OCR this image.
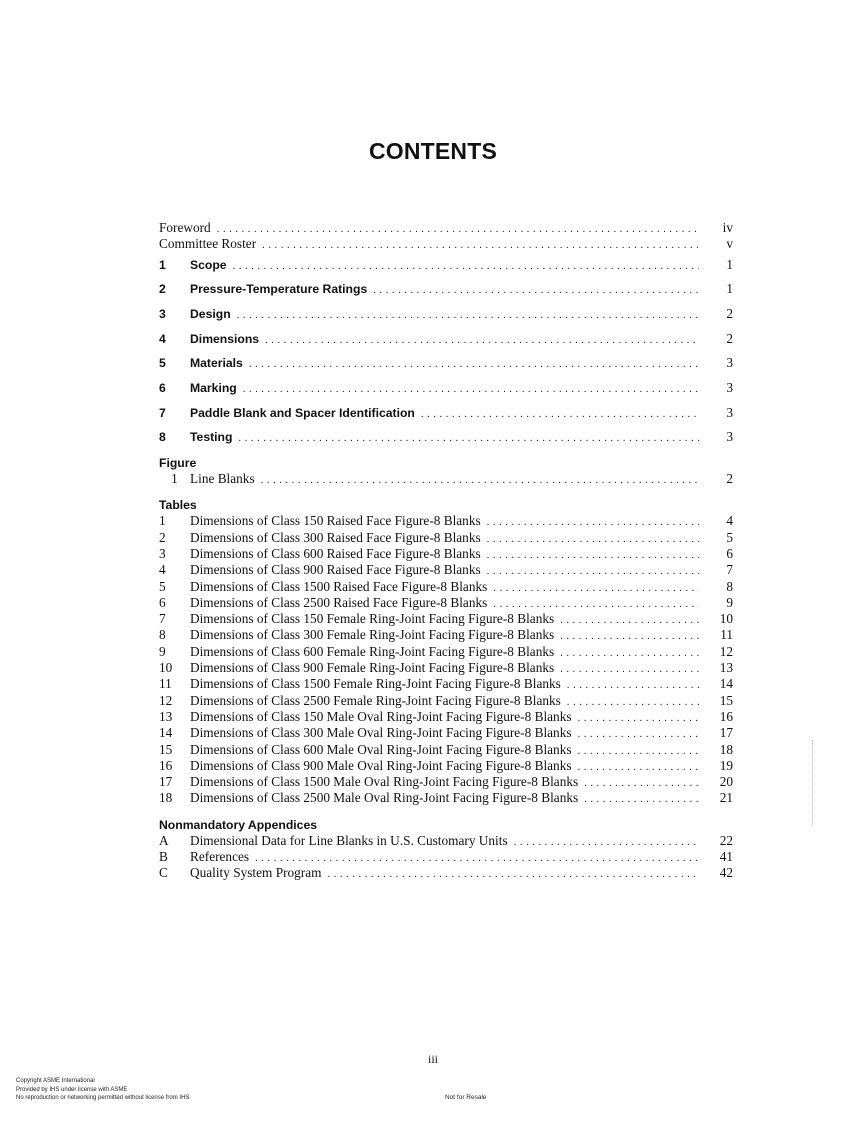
CONTENTS
Foreword . . .	iv
Committee Roster . . .	v
1 Scope . . .	1
2 Pressure-Temperature Ratings . . .	1
3 Design . . .	2
4 Dimensions . . .	2
5 Materials . . .	3
6 Marking . . .	3
7 Paddle Blank and Spacer Identification . . .	3
8 Testing . . .	3
Figure
1 Line Blanks . . .	2
Tables
1 Dimensions of Class 150 Raised Face Figure-8 Blanks . . .	4
2 Dimensions of Class 300 Raised Face Figure-8 Blanks . . .	5
3 Dimensions of Class 600 Raised Face Figure-8 Blanks . . .	6
4 Dimensions of Class 900 Raised Face Figure-8 Blanks . . .	7
5 Dimensions of Class 1500 Raised Face Figure-8 Blanks . . .	8
6 Dimensions of Class 2500 Raised Face Figure-8 Blanks . . .	9
7 Dimensions of Class 150 Female Ring-Joint Facing Figure-8 Blanks . . .	10
8 Dimensions of Class 300 Female Ring-Joint Facing Figure-8 Blanks . . .	11
9 Dimensions of Class 600 Female Ring-Joint Facing Figure-8 Blanks . . .	12
10 Dimensions of Class 900 Female Ring-Joint Facing Figure-8 Blanks . . .	13
11 Dimensions of Class 1500 Female Ring-Joint Facing Figure-8 Blanks . . .	14
12 Dimensions of Class 2500 Female Ring-Joint Facing Figure-8 Blanks . . .	15
13 Dimensions of Class 150 Male Oval Ring-Joint Facing Figure-8 Blanks . . .	16
14 Dimensions of Class 300 Male Oval Ring-Joint Facing Figure-8 Blanks . . .	17
15 Dimensions of Class 600 Male Oval Ring-Joint Facing Figure-8 Blanks . . .	18
16 Dimensions of Class 900 Male Oval Ring-Joint Facing Figure-8 Blanks . . .	19
17 Dimensions of Class 1500 Male Oval Ring-Joint Facing Figure-8 Blanks . . .	20
18 Dimensions of Class 2500 Male Oval Ring-Joint Facing Figure-8 Blanks . . .	21
Nonmandatory Appendices
A Dimensional Data for Line Blanks in U.S. Customary Units . . .	22
B References . . .	41
C Quality System Program . . .	42
iii
Copyright ASME International
Provided by IHS under license with ASME
No reproduction or networking permitted without license from IHS	Not for Resale
